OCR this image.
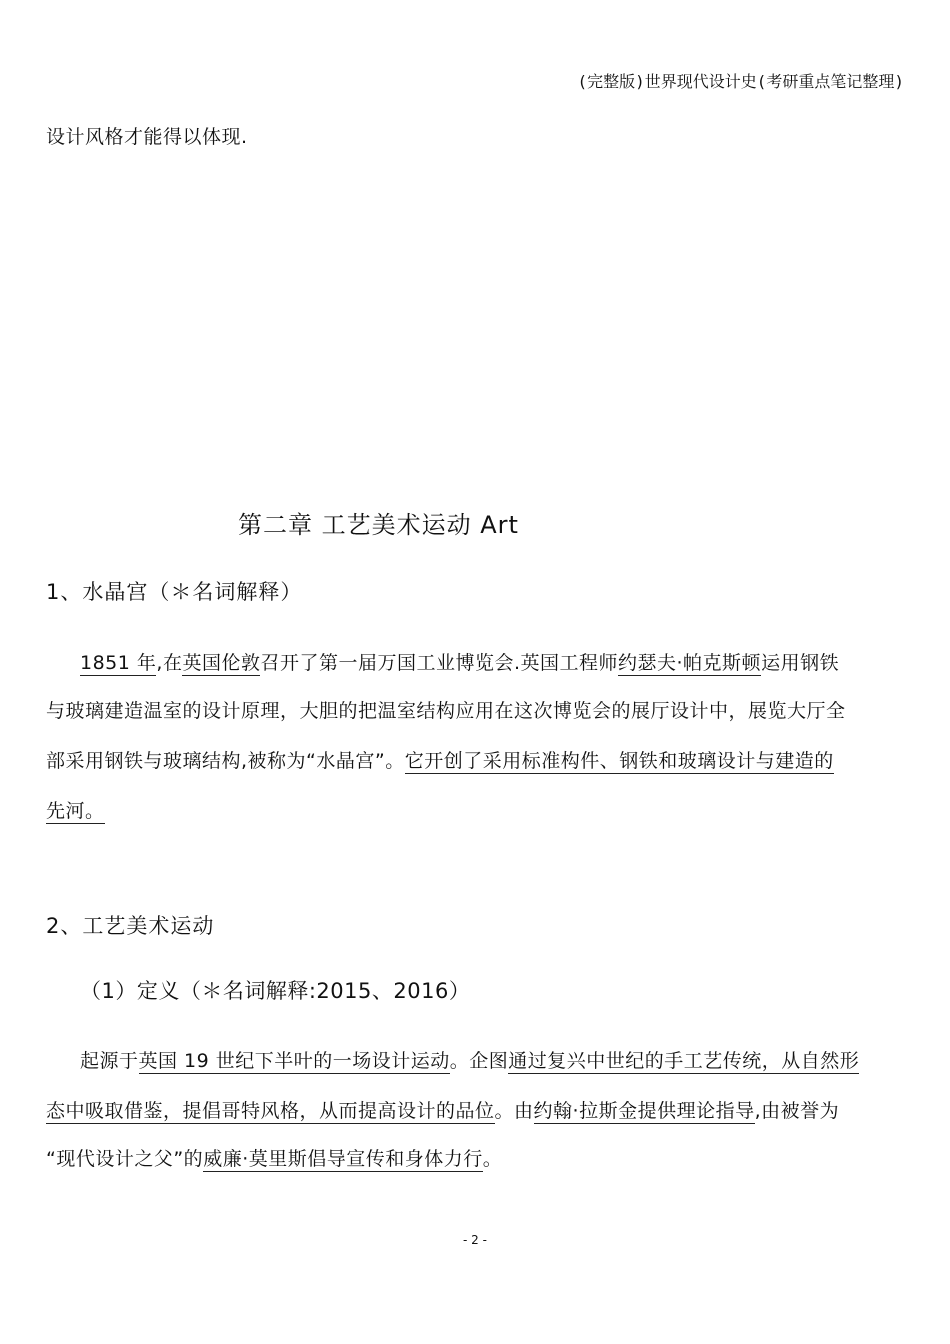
(完整版)世界现代设计史(考研重点笔记整理)
设计风格才能得以体现.
第二章 工艺美术运动 Art
1、水晶宫（＊名词解释）
1851 年,在英国伦敦召开了第一届万国工业博览会.英国工程师约瑟夫·帕克斯顿运用钢铁
与玻璃建造温室的设计原理，大胆的把温室结构应用在这次博览会的展厅设计中，展览大厅全
部采用钢铁与玻璃结构,被称为“水晶宫”。它开创了采用标准构件、钢铁和玻璃设计与建造的
先河。
2、工艺美术运动
（1）定义（＊名词解释:2015、2016）
起源于英国 19 世纪下半叶的一场设计运动。企图通过复兴中世纪的手工艺传统，从自然形
态中吸取借鉴，提倡哥特风格，从而提高设计的品位。由约翰·拉斯金提供理论指导,由被誉为
“现代设计之父”的威廉·莫里斯倡导宣传和身体力行。
- 2 -
